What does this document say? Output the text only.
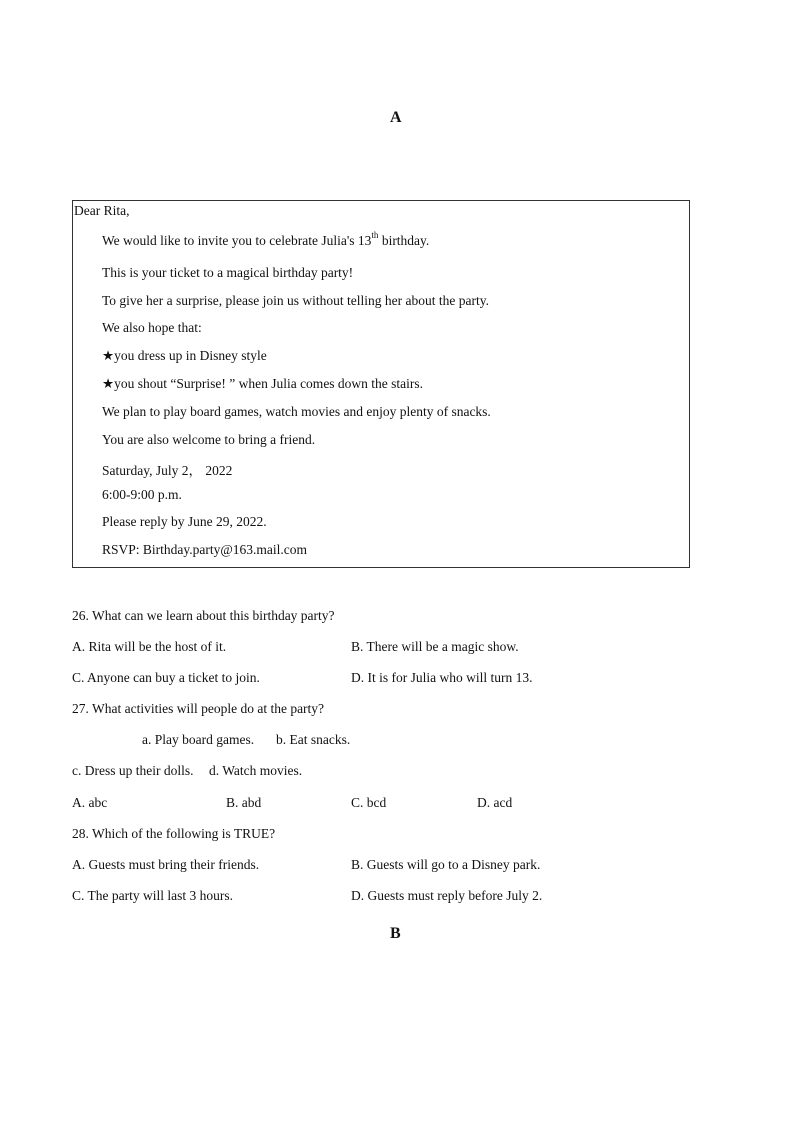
A
Dear Rita,
We would like to invite you to celebrate Julia's 13th birthday.
This is your ticket to a magical birthday party!
To give her a surprise, please join us without telling her about the party.
We also hope that:
★you dress up in Disney style
★you shout “Surprise! ” when Julia comes down the stairs.
We plan to play board games, watch movies and enjoy plenty of snacks.
You are also welcome to bring a friend.
Saturday, July 2， 2022
6:00-9:00 p.m.
Please reply by June 29, 2022.
RSVP: Birthday.party@163.mail.com
26. What can we learn about this birthday party?
A. Rita will be the host of it.	B. There will be a magic show.
C. Anyone can buy a ticket to join.	D. It is for Julia who will turn 13.
27. What activities will people do at the party?
a. Play board games. b. Eat snacks.
c. Dress up their dolls. d. Watch movies.
A. abc	B. abd	C. bcd	D. acd
28. Which of the following is TRUE?
A. Guests must bring their friends.	B. Guests will go to a Disney park.
C. The party will last 3 hours.	D. Guests must reply before July 2.
B
